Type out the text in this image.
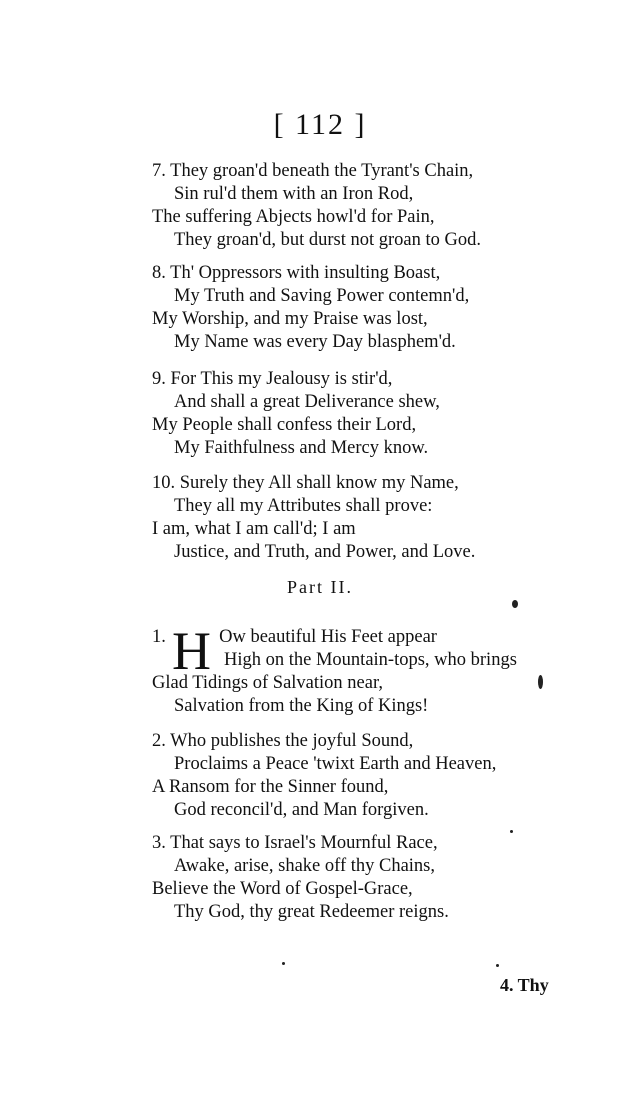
[ 112 ]
7. They groan'd beneath the Tyrant's Chain,
Sin rul'd them with an Iron Rod,
The suffering Abjects howl'd for Pain,
They groan'd, but durst not groan to God.
8. Th' Oppressors with insulting Boast,
My Truth and Saving Power contemn'd,
My Worship, and my Praise was lost,
My Name was every Day blasphem'd.
9. For This my Jealousy is stir'd,
And shall a great Deliverance shew,
My People shall confess their Lord,
My Faithfulness and Mercy know.
10. Surely they All shall know my Name,
They all my Attributes shall prove:
I am, what I am call'd; I am
Justice, and Truth, and Power, and Love.
Part II.
1.	Ow beautiful His Feet appear
High on the Mountain-tops, who brings
Glad Tidings of Salvation near,
Salvation from the King of Kings!
H
2. Who publishes the joyful Sound,
Proclaims a Peace 'twixt Earth and Heaven,
A Ransom for the Sinner found,
God reconcil'd, and Man forgiven.
3. That says to Israel's Mournful Race,
Awake, arise, shake off thy Chains,
Believe the Word of Gospel-Grace,
Thy God, thy great Redeemer reigns.
4. Thy
